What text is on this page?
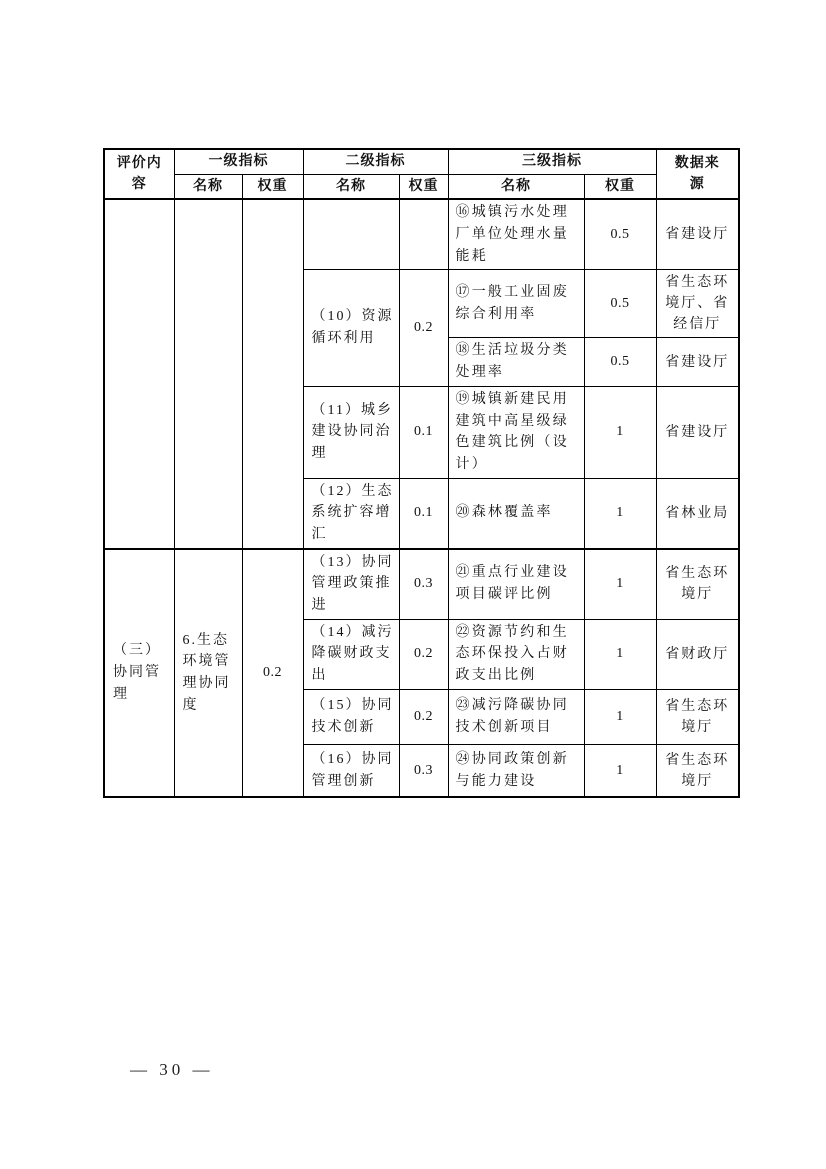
评价内容	一级指标		二级指标		三级指标		数据来源
	名称	权重	名称	权重	名称	权重	
					⑯城镇污水处理厂单位处理水量能耗	0.5	省建设厅
			（10）资源循环利用	0.2	⑰一般工业固废综合利用率	0.5	省生态环境厅、省经信厅
					⑱生活垃圾分类处理率	0.5	省建设厅
			（11）城乡建设协同治理	0.1	⑲城镇新建民用建筑中高星级绿色建筑比例（设计）	1	省建设厅
			（12）生态系统扩容增汇	0.1	⑳森林覆盖率	1	省林业局
（三）协同管理	6.生态环境管理协同度	0.2	（13）协同管理政策推进	0.3	㉑重点行业建设项目碳评比例	1	省生态环境厅
			（14）减污降碳财政支出	0.2	㉒资源节约和生态环保投入占财政支出比例	1	省财政厅
			（15）协同技术创新	0.2	㉓减污降碳协同技术创新项目	1	省生态环境厅
			（16）协同管理创新	0.3	㉔协同政策创新与能力建设	1	省生态环境厅
— 30 —
